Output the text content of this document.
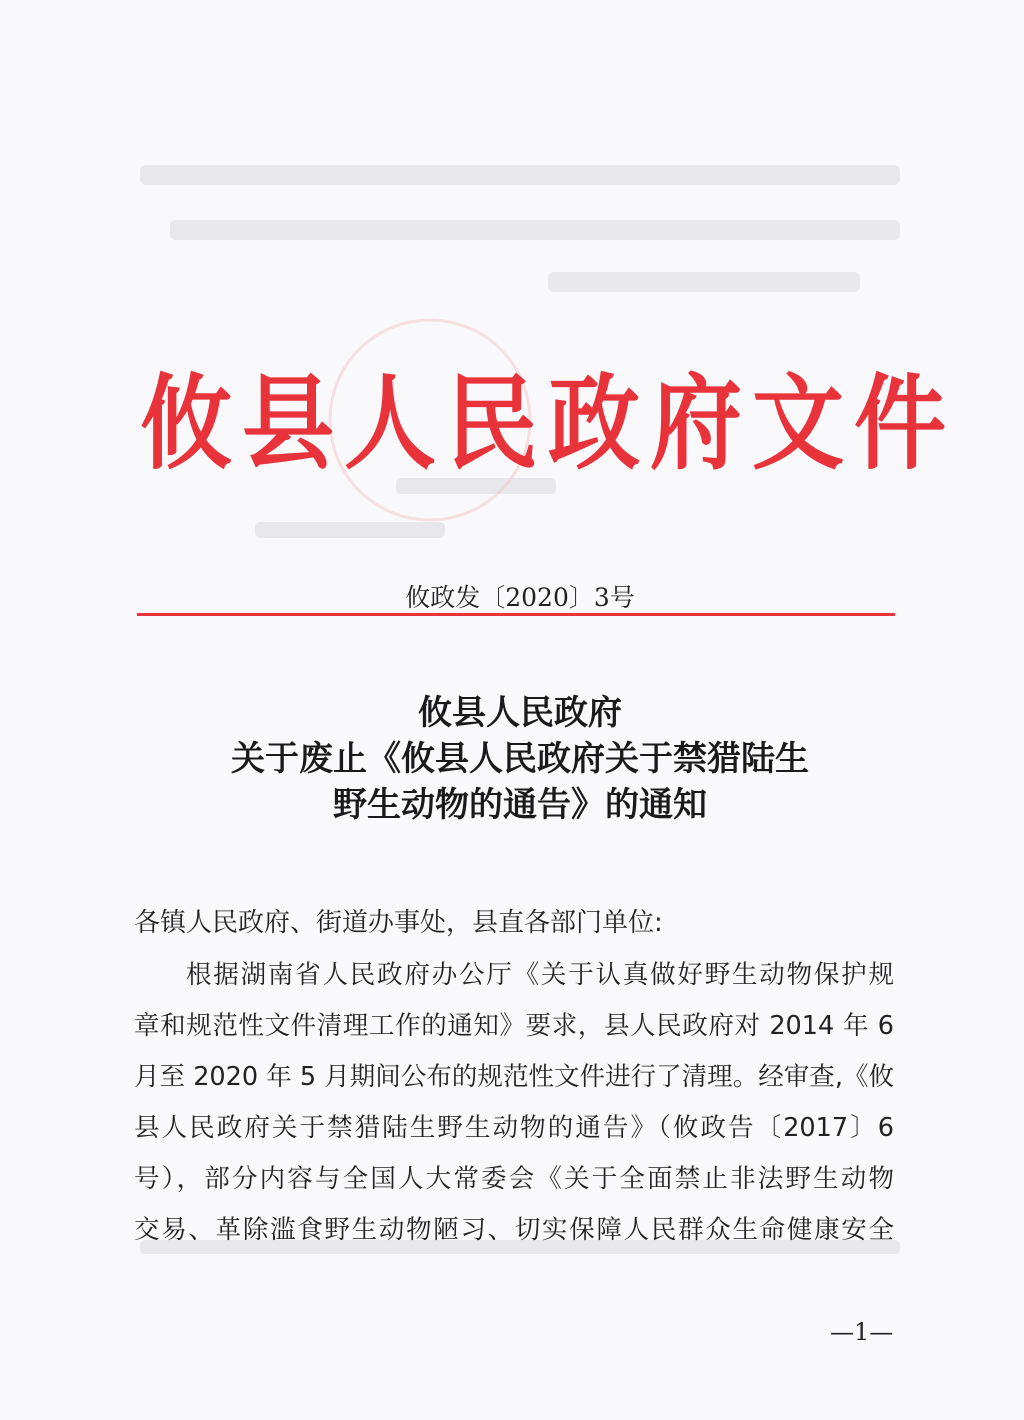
攸县人民政府文件
攸政发〔2020〕3号
攸县人民政府
关于废止《攸县人民政府关于禁猎陆生
野生动物的通告》的通知
各镇人民政府、街道办事处，县直各部门单位:
根据湖南省人民政府办公厅《关于认真做好野生动物保护规
章和规范性文件清理工作的通知》要求，县人民政府对 2014 年 6
月至 2020 年 5 月期间公布的规范性文件进行了清理。经审查,《攸
县人民政府关于禁猎陆生野生动物的通告》（攸政告〔2017〕6
号），部分内容与全国人大常委会《关于全面禁止非法野生动物
交易、革除滥食野生动物陋习、切实保障人民群众生命健康安全
—1—
